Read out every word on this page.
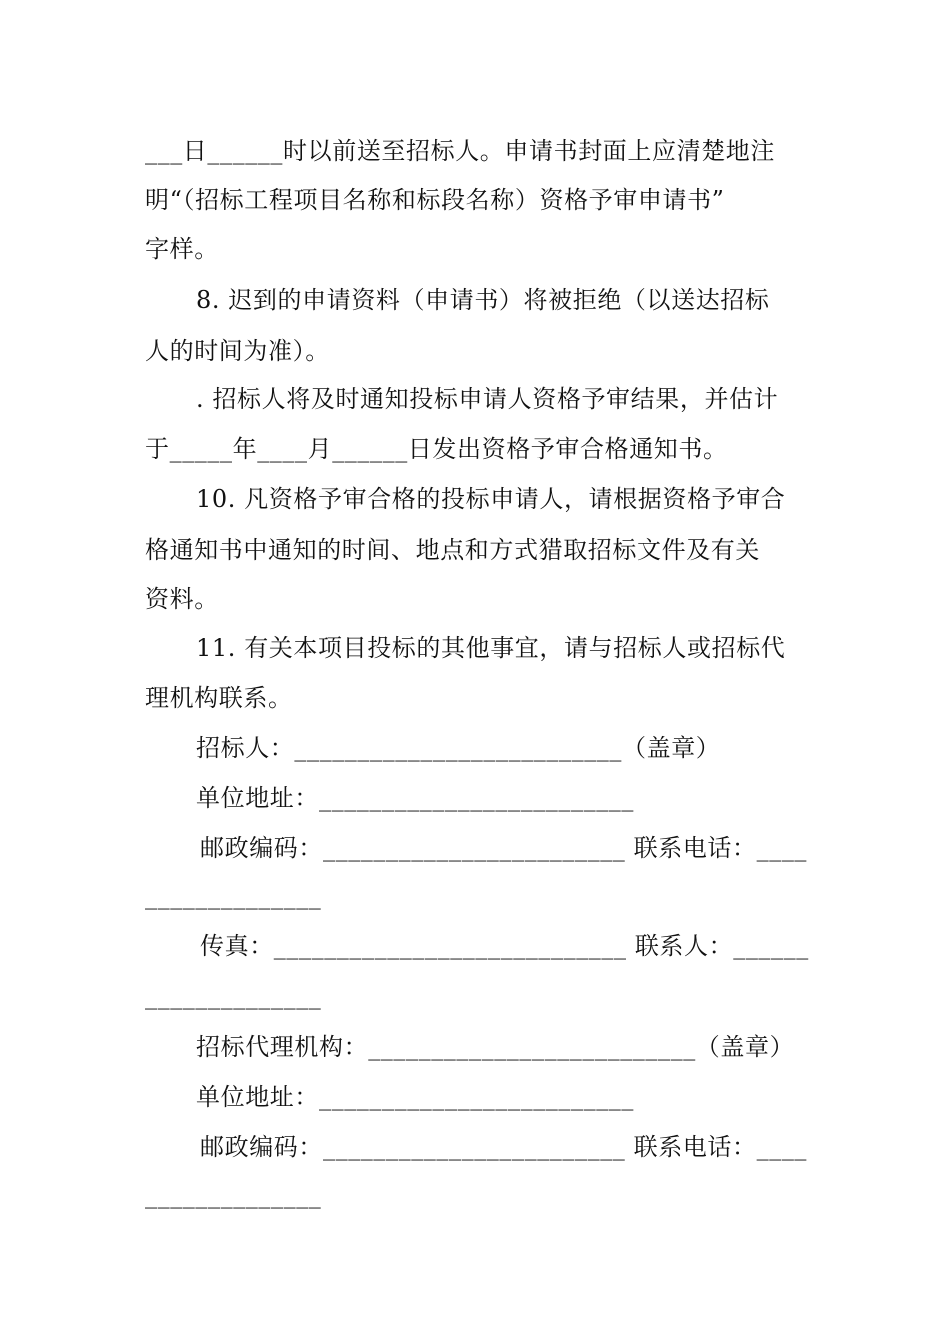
___日______时以前送至招标人。申请书封面上应清楚地注
明“（招标工程项目名称和标段名称）资格予审申请书”
字样。
8. 迟到的申请资料（申请书）将被拒绝（以送达招标
人的时间为准）。
. 招标人将及时通知投标申请人资格予审结果，并估计
于_____年____月______日发出资格予审合格通知书。
10. 凡资格予审合格的投标申请人，请根据资格予审合
格通知书中通知的时间、地点和方式猎取招标文件及有关
资料。
11. 有关本项目投标的其他事宜，请与招标人或招标代
理机构联系。
招标人：__________________________（盖章）
单位地址：_________________________
邮政编码：________________________ 联系电话：____
______________
传真：____________________________ 联系人：______
______________
招标代理机构：__________________________（盖章）
单位地址：_________________________
邮政编码：________________________ 联系电话：____
______________
